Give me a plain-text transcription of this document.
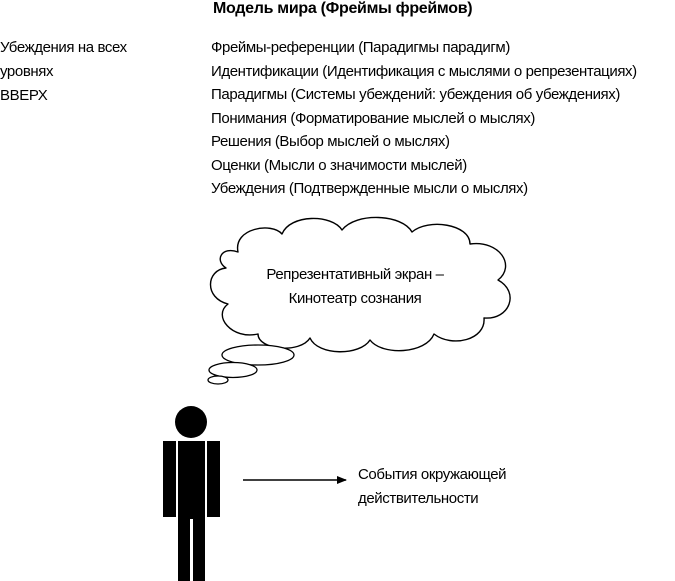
Модель мира (Фреймы фреймов)
Убеждения на всех
уровнях
ВВЕРХ
Фреймы-референции (Парадигмы парадигм)
Идентификации (Идентификация с мыслями о репрезентациях)
Парадигмы (Системы убеждений: убеждения об убеждениях)
Понимания (Форматирование мыслей о мыслях)
Решения (Выбор мыслей о мыслях)
Оценки (Мысли о значимости мыслей)
Убеждения (Подтвержденные мысли о мыслях)
Репрезентативный экран –
Кинотеатр сознания
События окружающей
действительности
